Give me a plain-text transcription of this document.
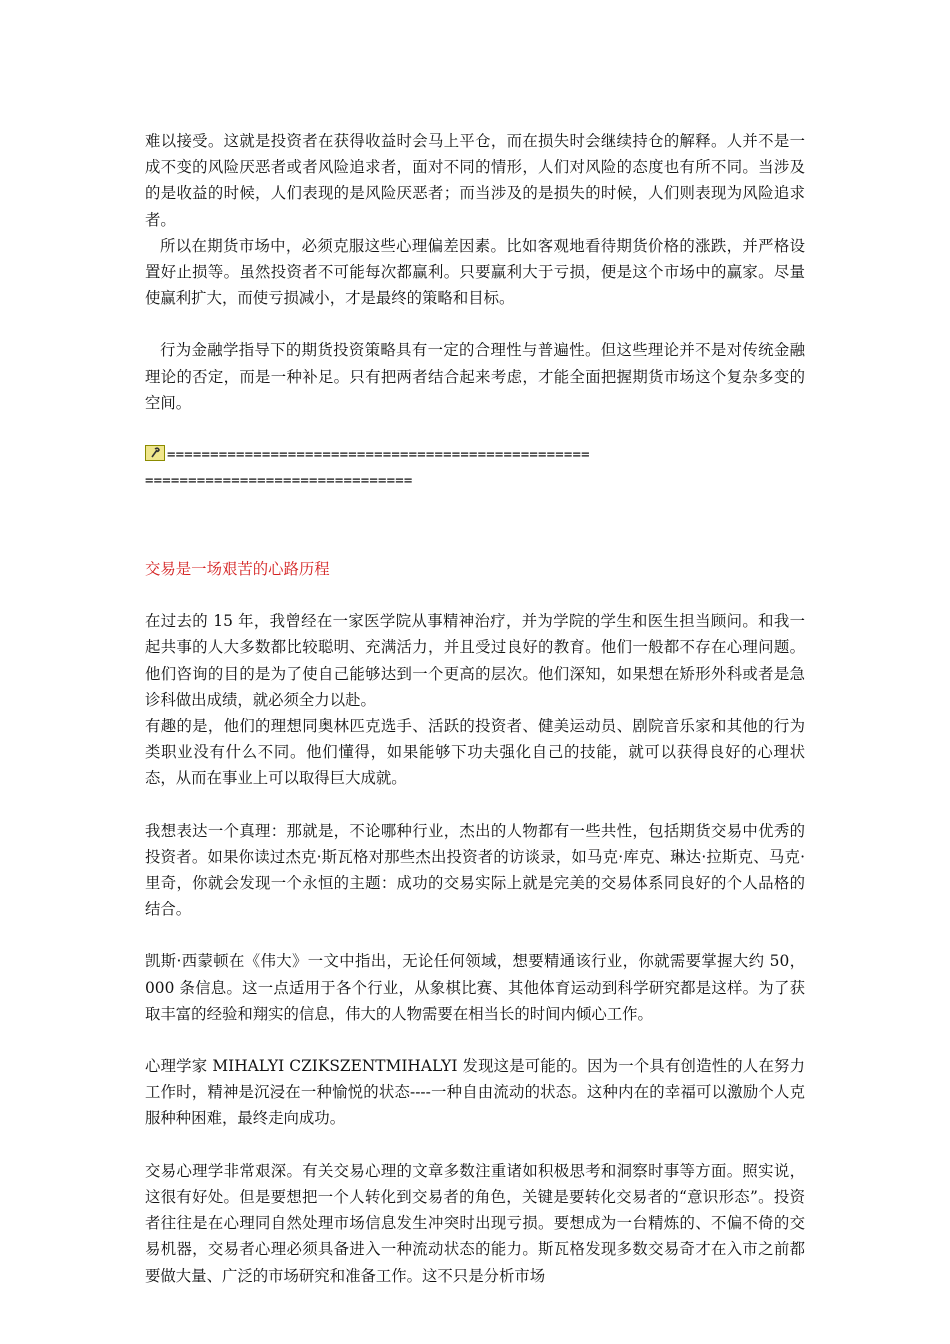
难以接受。这就是投资者在获得收益时会马上平仓，而在损失时会继续持仓的解释。人并不是一成不变的风险厌恶者或者风险追求者，面对不同的情形，人们对风险的态度也有所不同。当涉及的是收益的时候，人们表现的是风险厌恶者；而当涉及的是损失的时候，人们则表现为风险追求者。

所以在期货市场中，必须克服这些心理偏差因素。比如客观地看待期货价格的涨跌，并严格设置好止损等。虽然投资者不可能每次都赢利。只要赢利大于亏损，便是这个市场中的赢家。尽量使赢利扩大，而使亏损减小，才是最终的策略和目标。

行为金融学指导下的期货投资策略具有一定的合理性与普遍性。但这些理论并不是对传统金融理论的否定，而是一种补足。只有把两者结合起来考虑，才能全面把握期货市场这个复杂多变的空间。

=================================================
===============================

交易是一场艰苦的心路历程

在过去的 15 年，我曾经在一家医学院从事精神治疗，并为学院的学生和医生担当顾问。和我一起共事的人大多数都比较聪明、充满活力，并且受过良好的教育。他们一般都不存在心理问题。他们咨询的目的是为了使自己能够达到一个更高的层次。他们深知，如果想在矫形外科或者是急诊科做出成绩，就必须全力以赴。

有趣的是，他们的理想同奥林匹克选手、活跃的投资者、健美运动员、剧院音乐家和其他的行为类职业没有什么不同。他们懂得，如果能够下功夫强化自己的技能，就可以获得良好的心理状态，从而在事业上可以取得巨大成就。

我想表达一个真理：那就是，不论哪种行业，杰出的人物都有一些共性，包括期货交易中优秀的投资者。如果你读过杰克·斯瓦格对那些杰出投资者的访谈录，如马克·库克、琳达·拉斯克、马克·里奇，你就会发现一个永恒的主题：成功的交易实际上就是完美的交易体系同良好的个人品格的结合。

凯斯·西蒙顿在《伟大》一文中指出，无论任何领域，想要精通该行业，你就需要掌握大约 50，000 条信息。这一点适用于各个行业，从象棋比赛、其他体育运动到科学研究都是这样。为了获取丰富的经验和翔实的信息，伟大的人物需要在相当长的时间内倾心工作。

心理学家 MIHALYI CZIKSZENTMIHALYI 发现这是可能的。因为一个具有创造性的人在努力工作时，精神是沉浸在一种愉悦的状态----一种自由流动的状态。这种内在的幸福可以激励个人克服种种困难，最终走向成功。

交易心理学非常艰深。有关交易心理的文章多数注重诸如积极思考和洞察时事等方面。照实说，这很有好处。但是要想把一个人转化到交易者的角色，关键是要转化交易者的“意识形态”。投资者往往是在心理同自然处理市场信息发生冲突时出现亏损。要想成为一台精炼的、不偏不倚的交易机器，交易者心理必须具备进入一种流动状态的能力。斯瓦格发现多数交易奇才在入市之前都要做大量、广泛的市场研究和准备工作。这不只是分析市场
